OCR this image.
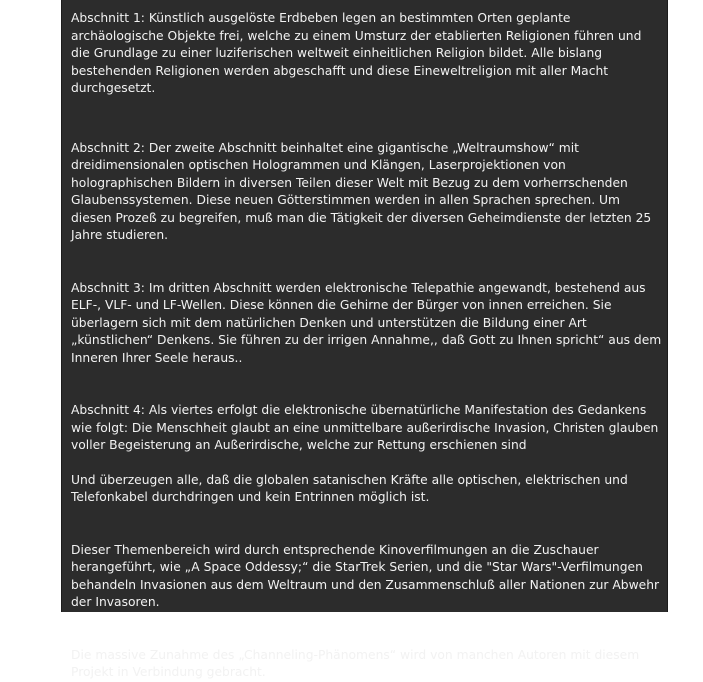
Abschnitt 1: Künstlich ausgelöste Erdbeben legen an bestimmten Orten geplante archäologische Objekte frei, welche zu einem Umsturz der etablierten Religionen führen und die Grundlage zu einer luziferischen weltweit einheitlichen Religion bildet. Alle bislang bestehenden Religionen werden abgeschafft und diese Eineweltreligion mit aller Macht durchgesetzt.

Abschnitt 2: Der zweite Abschnitt beinhaltet eine gigantische „Weltraumshow“ mit dreidimensionalen optischen Hologrammen und Klängen, Laserprojektionen von holographischen Bildern in diversen Teilen dieser Welt mit Bezug zu dem vorherrschenden Glaubenssystemen. Diese neuen Götterstimmen werden in allen Sprachen sprechen. Um diesen Prozeß zu begreifen, muß man die Tätigkeit der diversen Geheimdienste der letzten 25 Jahre studieren.

Abschnitt 3: Im dritten Abschnitt werden elektronische Telepathie angewandt, bestehend aus ELF-, VLF- und LF-Wellen. Diese können die Gehirne der Bürger von innen erreichen. Sie überlagern sich mit dem natürlichen Denken und unterstützen die Bildung einer Art „künstlichen“ Denkens. Sie führen zu der irrigen Annahme,, daß Gott zu Ihnen spricht“ aus dem Inneren Ihrer Seele heraus..

Abschnitt 4: Als viertes erfolgt die elektronische übernatürliche Manifestation des Gedankens wie folgt: Die Menschheit glaubt an eine unmittelbare außerirdische Invasion, Christen glauben voller Begeisterung an Außerirdische, welche zur Rettung erschienen sind

Und überzeugen alle, daß die globalen satanischen Kräfte alle optischen, elektrischen und Telefonkabel durchdringen und kein Entrinnen möglich ist.

Dieser Themenbereich wird durch entsprechende Kinoverfilmungen an die Zuschauer herangeführt, wie „A Space Oddessy;“ die StarTrek Serien, und die "Star Wars"-Verfilmungen behandeln Invasionen aus dem Weltraum und den Zusammenschluß aller Nationen zur Abwehr der Invasoren.

Die massive Zunahme des „Channeling-Phänomens“ wird von manchen Autoren mit diesem Projekt in Verbindung gebracht.
